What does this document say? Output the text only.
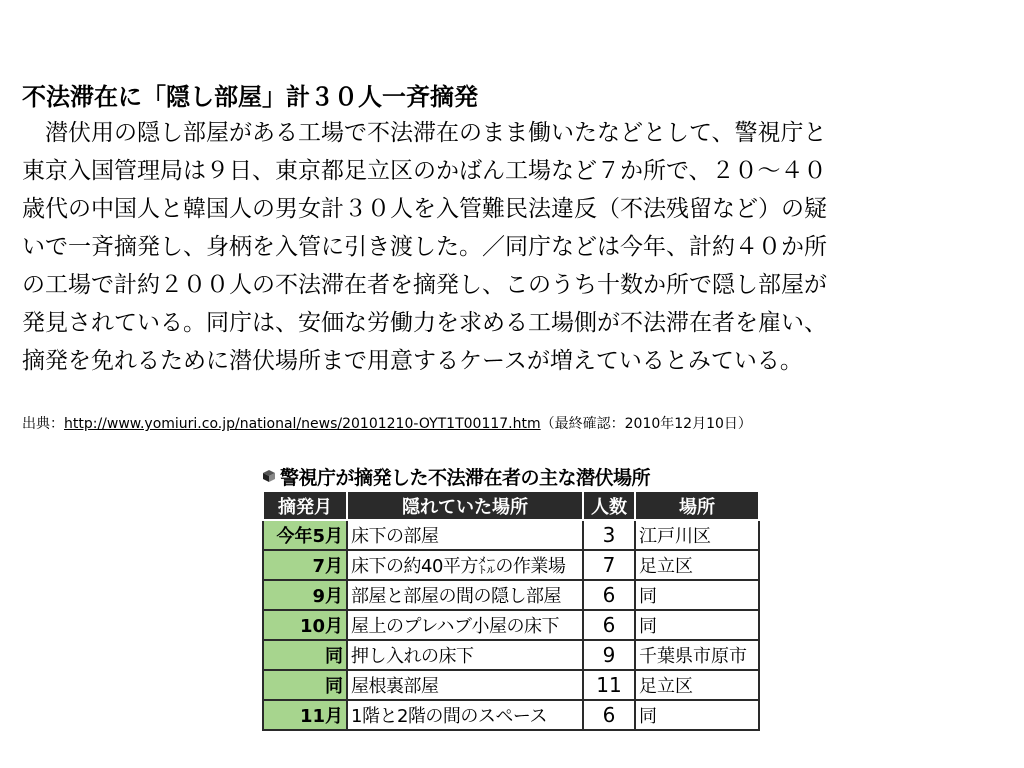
不法滞在に「隠し部屋」計３０人一斉摘発
　潜伏用の隠し部屋がある工場で不法滞在のまま働いたなどとして、警視庁と
東京入国管理局は９日、東京都足立区のかばん工場など７か所で、２０〜４０
歳代の中国人と韓国人の男女計３０人を入管難民法違反（不法残留など）の疑
いで一斉摘発し、身柄を入管に引き渡した。／同庁などは今年、計約４０か所
の工場で計約２００人の不法滞在者を摘発し、このうち十数か所で隠し部屋が
発見されている。同庁は、安価な労働力を求める工場側が不法滞在者を雇い、
摘発を免れるために潜伏場所まで用意するケースが増えているとみている。
出典：http://www.yomiuri.co.jp/national/news/20101210-OYT1T00117.htm（最終確認：2010年12月10日）
警視庁が摘発した不法滞在者の主な潜伏場所
摘発月	隠れていた場所	人数	場所
今年5月	床下の部屋	3	江戸川区
7月	床下の約40平方㍍の作業場	7	足立区
9月	部屋と部屋の間の隠し部屋	6	同
10月	屋上のプレハブ小屋の床下	6	同
同	押し入れの床下	9	千葉県市原市
同	屋根裏部屋	11	足立区
11月	1階と2階の間のスペース	6	同
